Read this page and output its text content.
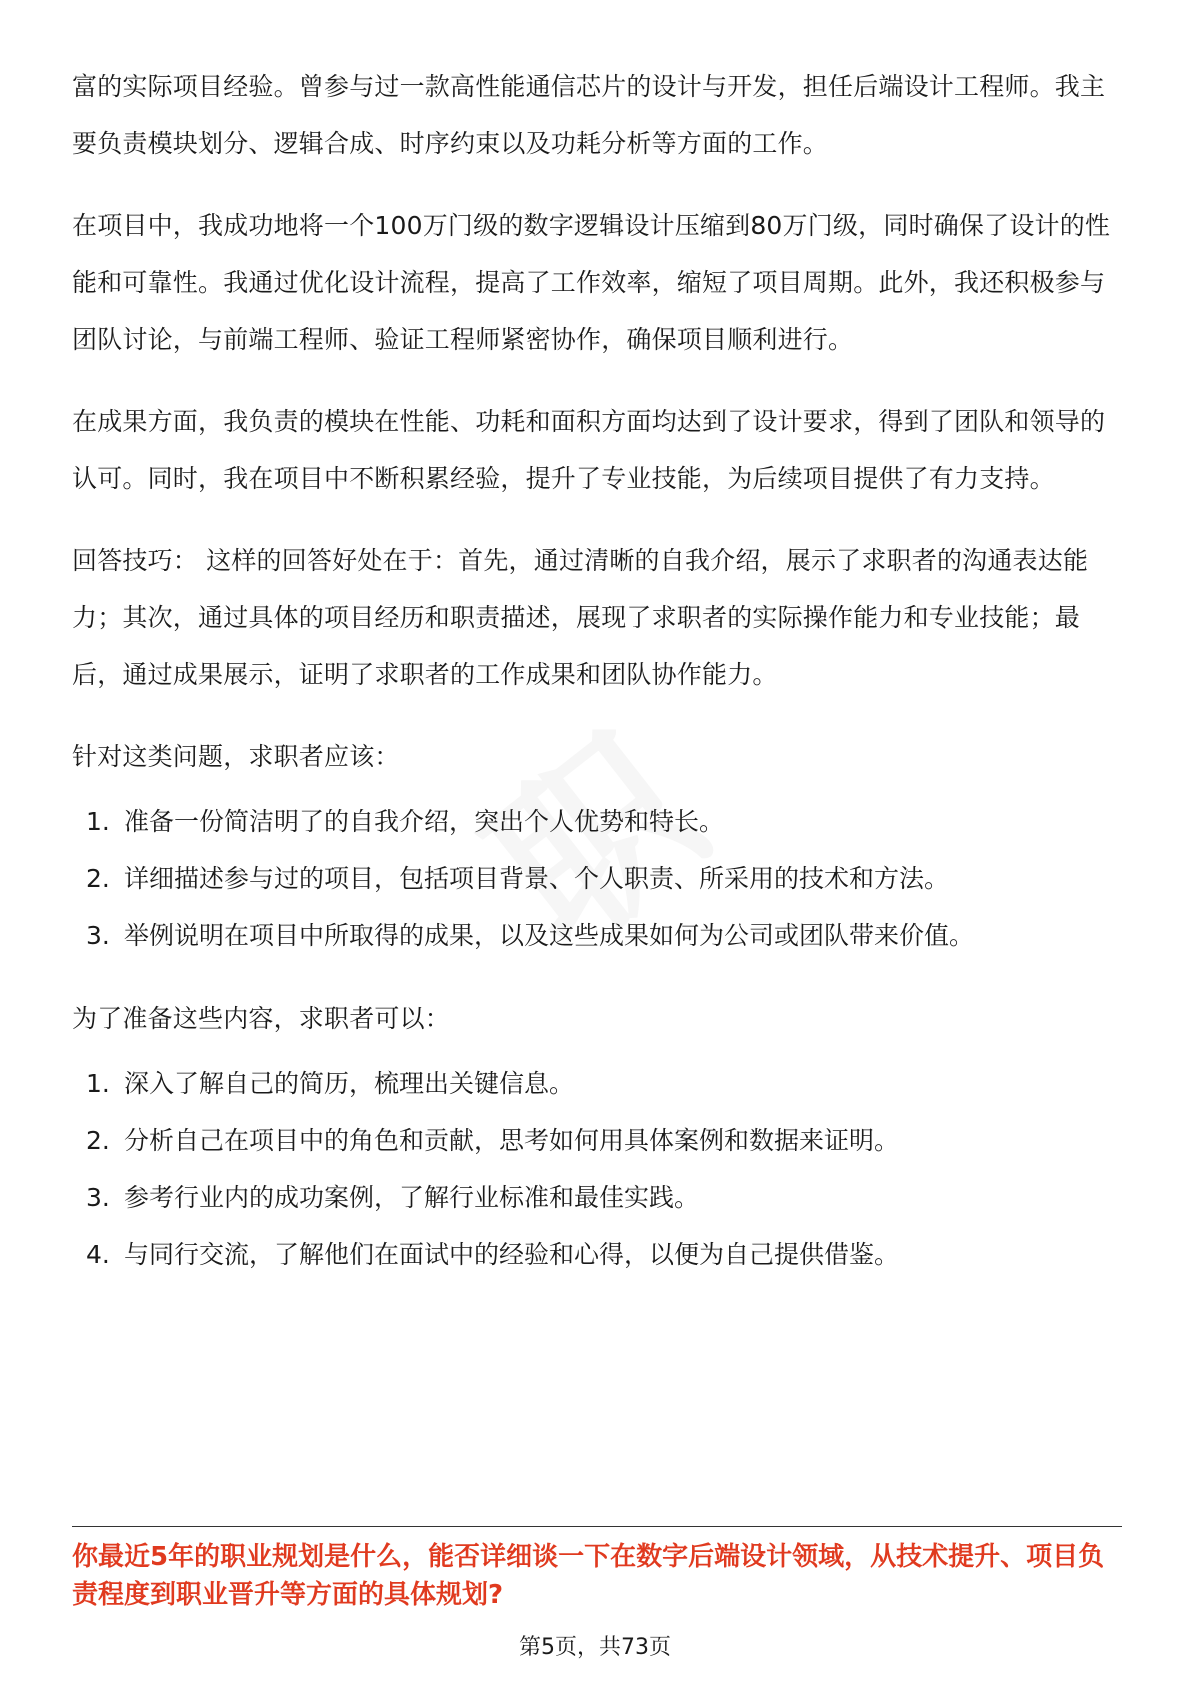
富的实际项目经验。曾参与过一款高性能通信芯片的设计与开发，担任后端设计工程师。我主要负责模块划分、逻辑合成、时序约束以及功耗分析等方面的工作。

在项目中，我成功地将一个100万门级的数字逻辑设计压缩到80万门级，同时确保了设计的性能和可靠性。我通过优化设计流程，提高了工作效率，缩短了项目周期。此外，我还积极参与团队讨论，与前端工程师、验证工程师紧密协作，确保项目顺利进行。

在成果方面，我负责的模块在性能、功耗和面积方面均达到了设计要求，得到了团队和领导的认可。同时，我在项目中不断积累经验，提升了专业技能，为后续项目提供了有力支持。

回答技巧： 这样的回答好处在于：首先，通过清晰的自我介绍，展示了求职者的沟通表达能力；其次，通过具体的项目经历和职责描述，展现了求职者的实际操作能力和专业技能；最后，通过成果展示，证明了求职者的工作成果和团队协作能力。

针对这类问题，求职者应该：

1. 准备一份简洁明了的自我介绍，突出个人优势和特长。
2. 详细描述参与过的项目，包括项目背景、个人职责、所采用的技术和方法。
3. 举例说明在项目中所取得的成果，以及这些成果如何为公司或团队带来价值。

为了准备这些内容，求职者可以：

1. 深入了解自己的简历，梳理出关键信息。
2. 分析自己在项目中的角色和贡献，思考如何用具体案例和数据来证明。
3. 参考行业内的成功案例，了解行业标准和最佳实践。
4. 与同行交流，了解他们在面试中的经验和心得，以便为自己提供借鉴。

你最近5年的职业规划是什么，能否详细谈一下在数字后端设计领域，从技术提升、项目负责程度到职业晋升等方面的具体规划?

第5页，共73页
